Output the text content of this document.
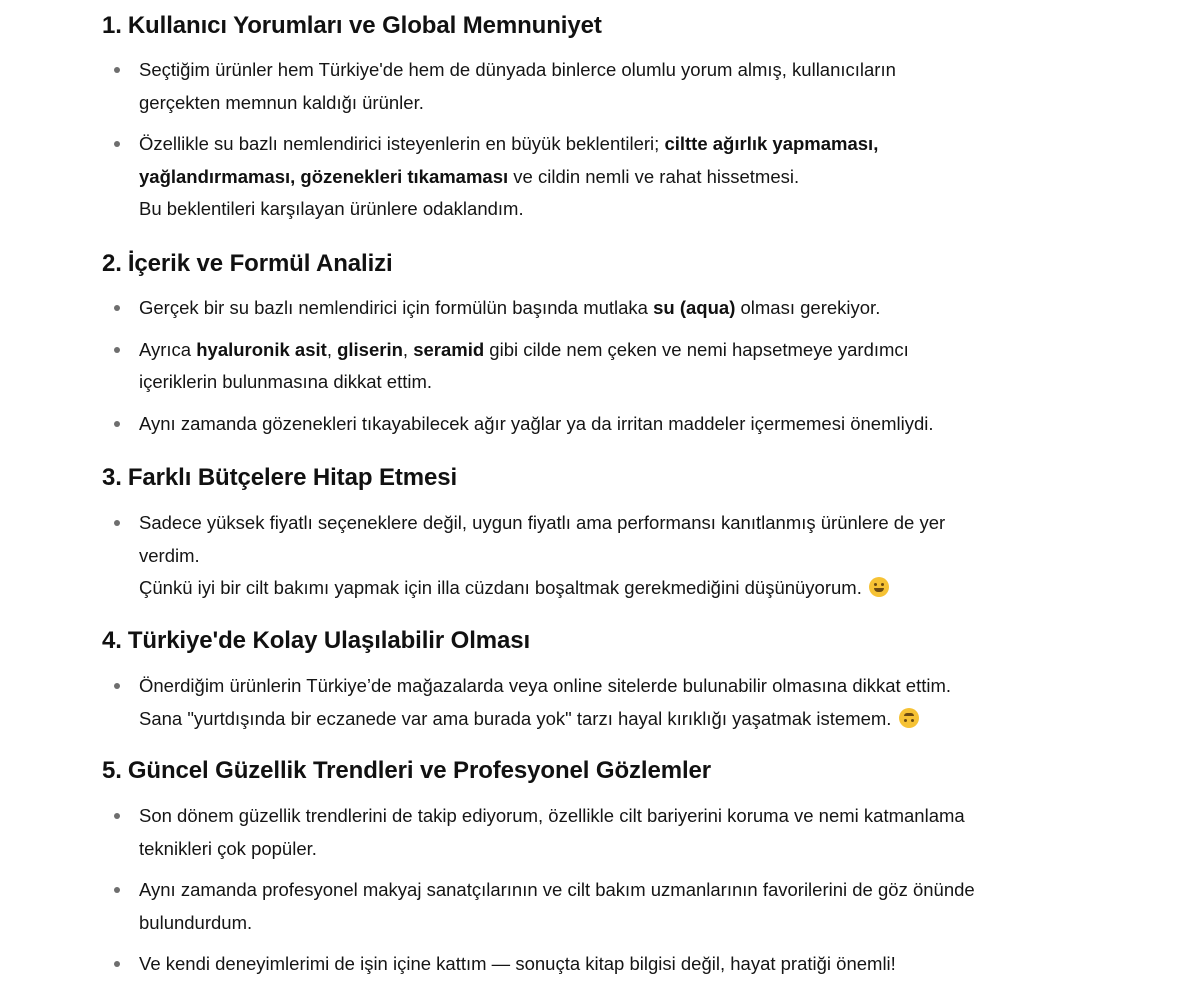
1. Kullanıcı Yorumları ve Global Memnuniyet
Seçtiğim ürünler hem Türkiye'de hem de dünyada binlerce olumlu yorum almış, kullanıcıların
gerçekten memnun kaldığı ürünler.
Özellikle su bazlı nemlendirici isteyenlerin en büyük beklentileri; ciltte ağırlık yapmaması,
yağlandırmaması, gözenekleri tıkamaması ve cildin nemli ve rahat hissetmesi.
Bu beklentileri karşılayan ürünlere odaklandım.
2. İçerik ve Formül Analizi
Gerçek bir su bazlı nemlendirici için formülün başında mutlaka su (aqua) olması gerekiyor.
Ayrıca hyaluronik asit, gliserin, seramid gibi cilde nem çeken ve nemi hapsetmeye yardımcı
içeriklerin bulunmasına dikkat ettim.
Aynı zamanda gözenekleri tıkayabilecek ağır yağlar ya da irritan maddeler içermemesi önemliydi.
3. Farklı Bütçelere Hitap Etmesi
Sadece yüksek fiyatlı seçeneklere değil, uygun fiyatlı ama performansı kanıtlanmış ürünlere de yer
verdim.
Çünkü iyi bir cilt bakımı yapmak için illa cüzdanı boşaltmak gerekmediğini düşünüyorum.
4. Türkiye'de Kolay Ulaşılabilir Olması
Önerdiğim ürünlerin Türkiye’de mağazalarda veya online sitelerde bulunabilir olmasına dikkat ettim.
Sana "yurtdışında bir eczanede var ama burada yok" tarzı hayal kırıklığı yaşatmak istemem.
5. Güncel Güzellik Trendleri ve Profesyonel Gözlemler
Son dönem güzellik trendlerini de takip ediyorum, özellikle cilt bariyerini koruma ve nemi katmanlama
teknikleri çok popüler.
Aynı zamanda profesyonel makyaj sanatçılarının ve cilt bakım uzmanlarının favorilerini de göz önünde
bulundurdum.
Ve kendi deneyimlerimi de işin içine kattım — sonuçta kitap bilgisi değil, hayat pratiği önemli!
